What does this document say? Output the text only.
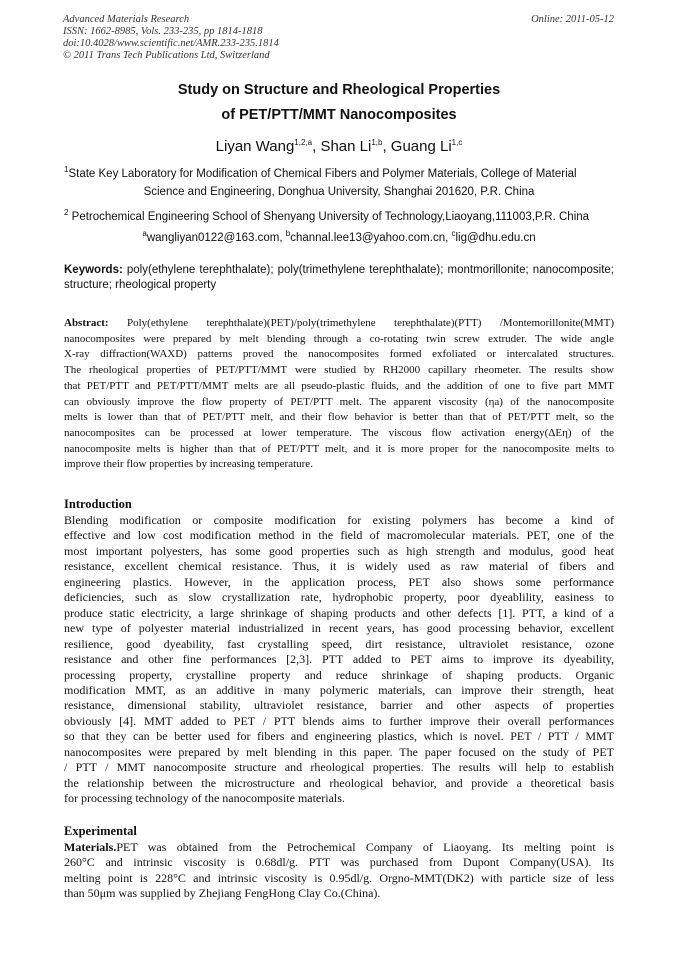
Advanced Materials Research
ISSN: 1662-8985, Vols. 233-235, pp 1814-1818
doi:10.4028/www.scientific.net/AMR.233-235.1814
© 2011 Trans Tech Publications Ltd, Switzerland
Online: 2011-05-12
Study on Structure and Rheological Properties
of PET/PTT/MMT Nanocomposites
Liyan Wang$^{1,2,a}$, Shan Li$^{1,b}$, Guang Li$^{1,c}$
$^1$State Key Laboratory for Modification of Chemical Fibers and Polymer Materials, College of Material
Science and Engineering, Donghua University, Shanghai 201620, P.R. China
$^2$ Petrochemical Engineering School of Shenyang University of Technology,Liaoyang,111003,P.R. China
$^a$wangliyan0122@163.com, $^b$channal.lee13@yahoo.com.cn, $^c$lig@dhu.edu.cn
Keywords: poly(ethylene terephthalate); poly(trimethylene terephthalate); montmorillonite; nanocomposite; structure; rheological property
Abstract: Poly(ethylene terephthalate)(PET)/poly(trimethylene terephthalate)(PTT) /Montemorillonite(MMT)
nanocomposites were prepared by melt blending through a co-rotating twin screw extruder. The wide angle
X-ray diffraction(WAXD) patterns proved the nanocomposites formed exfoliated or intercalated structures.
The rheological properties of PET/PTT/MMT were studied by RH2000 capillary rheometer. The results show
that PET/PTT and PET/PTT/MMT melts are all pseudo-plastic fluids, and the addition of one to five part MMT
can obviously improve the flow property of PET/PTT melt. The apparent viscosity (ηa) of the nanocomposite
melts is lower than that of PET/PTT melt, and their flow behavior is better than that of PET/PTT melt, so the
nanocomposites can be processed at lower temperature. The viscous flow activation energy(ΔEη) of the
nanocomposite melts is higher than that of PET/PTT melt, and it is more proper for the nanocomposite melts to
improve their flow properties by increasing temperature.
Introduction
Blending modification or composite modification for existing polymers has become a kind of
effective and low cost modification method in the field of macromolecular materials. PET, one of the
most important polyesters, has some good properties such as high strength and modulus, good heat
resistance, excellent chemical resistance. Thus, it is widely used as raw material of fibers and
engineering plastics. However, in the application process, PET also shows some performance
deficiencies, such as slow crystallization rate, hydrophobic property, poor dyeablility, easiness to
produce static electricity, a large shrinkage of shaping products and other defects [1]. PTT, a kind of a
new type of polyester material industrialized in recent years, has good processing behavior, excellent
resilience, good dyeability, fast crystalling speed, dirt resistance, ultraviolet resistance, ozone
resistance and other fine performances [2,3]. PTT added to PET aims to improve its dyeability,
processing property, crystalline property and reduce shrinkage of shaping products. Organic
modification MMT, as an additive in many polymeric materials, can improve their strength, heat
resistance, dimensional stability, ultraviolet resistance, barrier and other aspects of properties
obviously [4]. MMT added to PET / PTT blends aims to further improve their overall performances
so that they can be better used for fibers and engineering plastics, which is novel. PET / PTT / MMT
nanocomposites were prepared by melt blending in this paper. The paper focused on the study of PET
/ PTT / MMT nanocomposite structure and rheological properties. The results will help to establish
the relationship between the microstructure and rheological behavior, and provide a theoretical basis
for processing technology of the nanocomposite materials.
Experimental
Materials.PET was obtained from the Petrochemical Company of Liaoyang. Its melting point is
260°C and intrinsic viscosity is 0.68dl/g. PTT was purchased from Dupont Company(USA). Its
melting point is 228°C and intrinsic viscosity is 0.95dl/g. Orgno-MMT(DK2) with particle size of less
than 50μm was supplied by Zhejiang FengHong Clay Co.(China).
